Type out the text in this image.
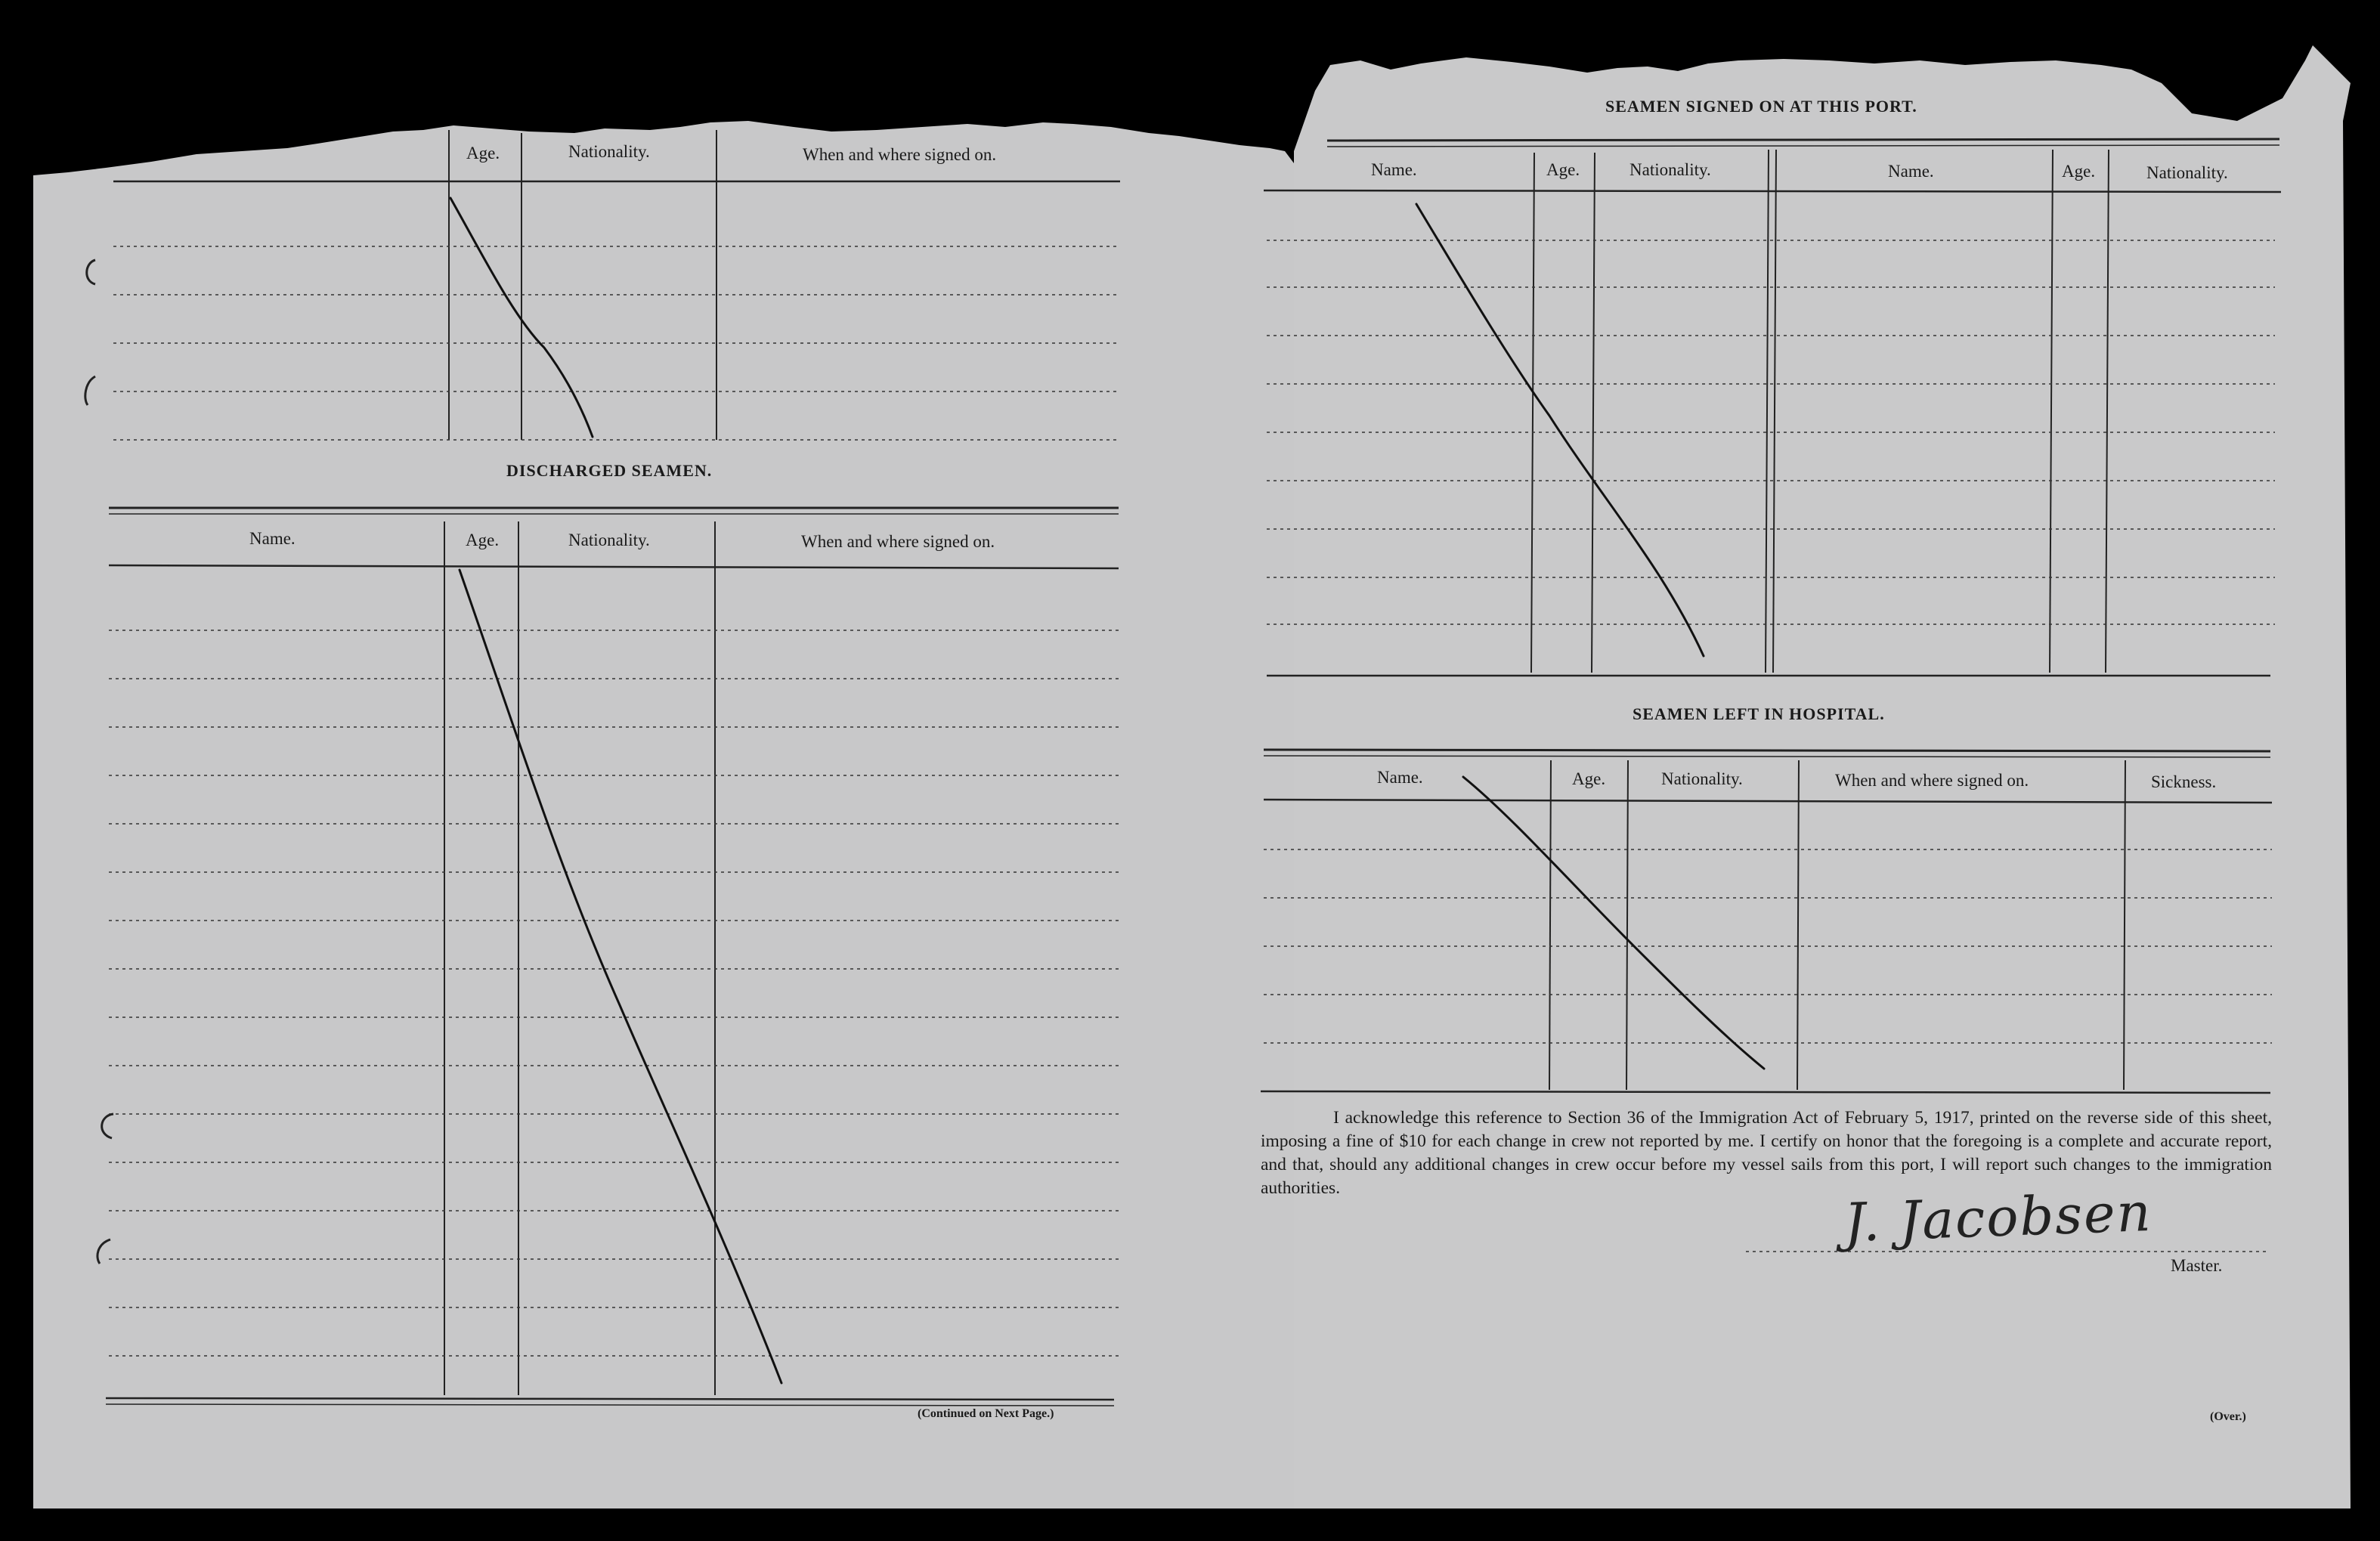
Age.	Nationality.	When and where signed on.
DISCHARGED SEAMEN.
Name.	Age.	Nationality.	When and where signed on.
(Continued on Next Page.)
SEAMEN SIGNED ON AT THIS PORT.
Name.	Age.	Nationality.	Name.	Age.	Nationality.
SEAMEN LEFT IN HOSPITAL.
Name.	Age.	Nationality.	When and where signed on.	Sickness.
I acknowledge this reference to Section 36 of the Immigration Act of February 5, 1917, printed on the reverse side of this sheet, imposing a fine of $10 for each change in crew not reported by me. I certify on honor that the foregoing is a complete and accurate report, and that, should any additional changes in crew occur before my vessel sails from this port, I will report such changes to the immigration authorities.	J. Jacobsen
Master.
(Over.)
